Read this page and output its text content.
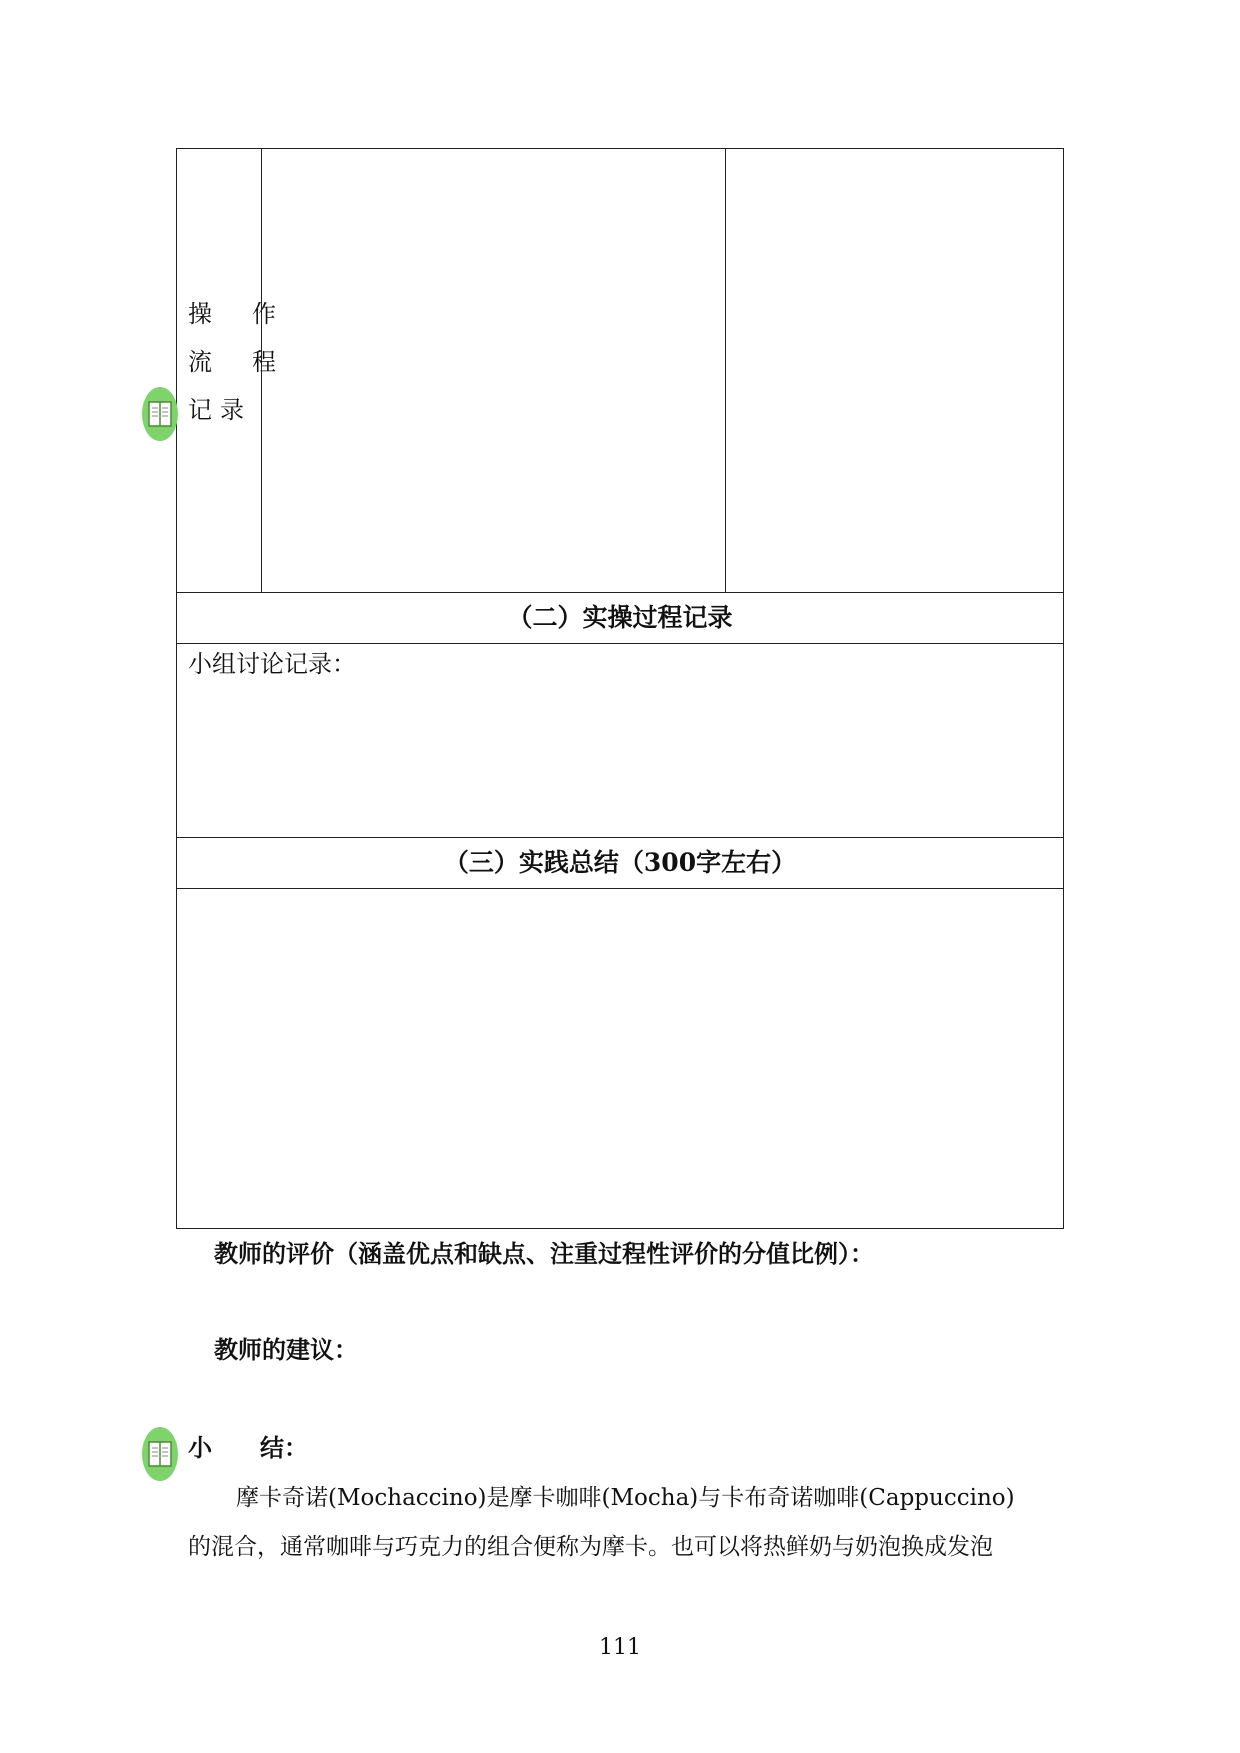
操　作
流　程
记录
（二）实操过程记录
小组讨论记录：
（三）实践总结（300字左右）
教师的评价（涵盖优点和缺点、注重过程性评价的分值比例）：
教师的建议：
小　　结：
摩卡奇诺(Mochaccino)是摩卡咖啡(Mocha)与卡布奇诺咖啡(Cappuccino)
的混合，通常咖啡与巧克力的组合便称为摩卡。也可以将热鲜奶与奶泡换成发泡
111
